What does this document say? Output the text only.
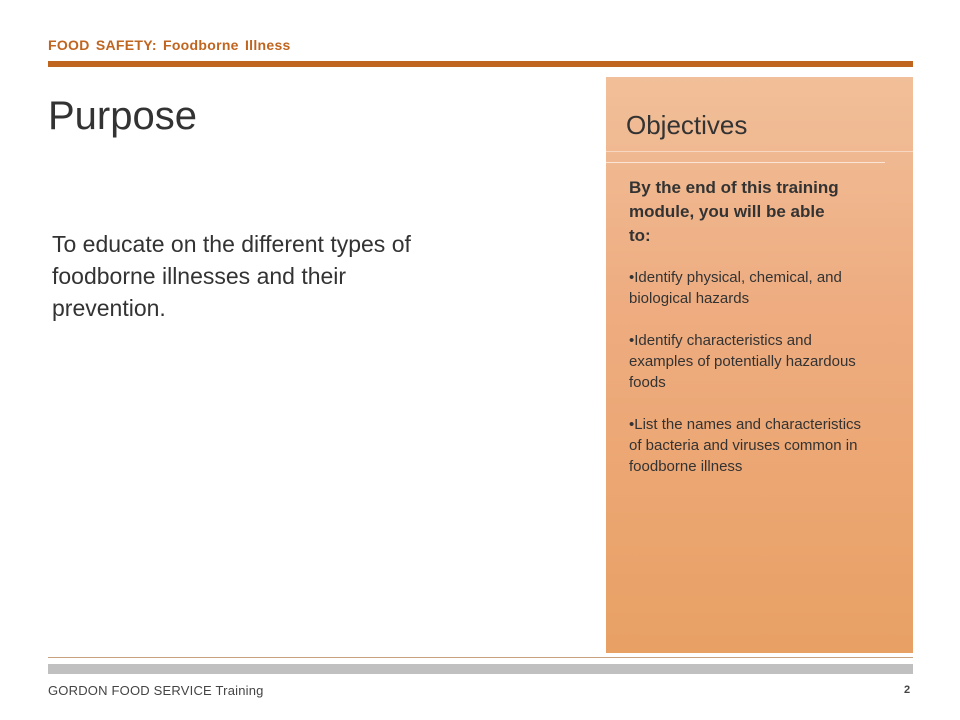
FOOD SAFETY: Foodborne Illness
Purpose
To educate on the different types of foodborne illnesses and their prevention.
Objectives
By the end of this training module, you will be able to:
•Identify physical, chemical, and biological hazards
•Identify characteristics and examples of potentially hazardous foods
•List the names and characteristics of bacteria and viruses common in foodborne illness
GORDON FOOD SERVICE Training	2
